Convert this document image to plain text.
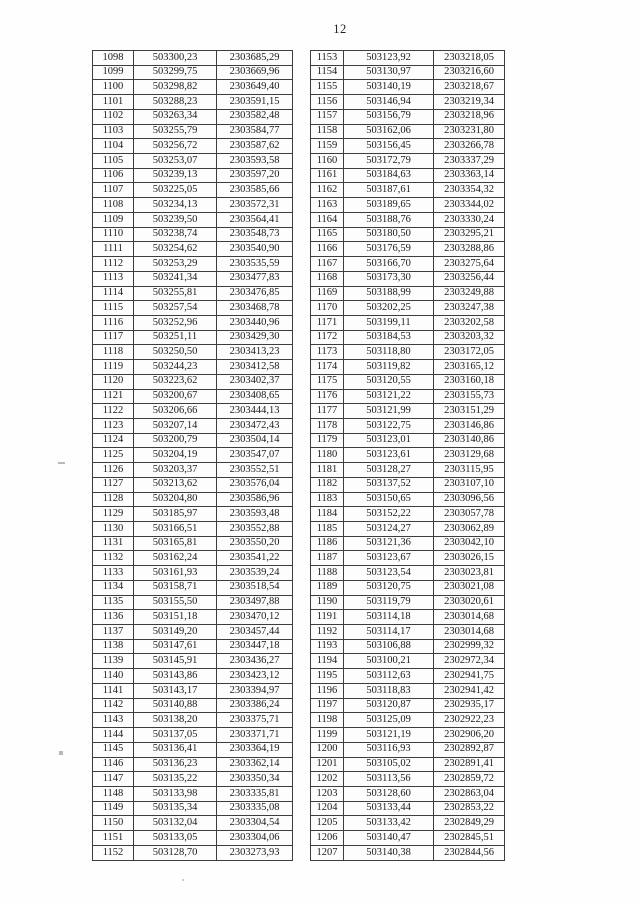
12
1098	503300,23	2303685,29
1099	503299,75	2303669,96
1100	503298,82	2303649,40
1101	503288,23	2303591,15
1102	503263,34	2303582,48
1103	503255,79	2303584,77
1104	503256,72	2303587,62
1105	503253,07	2303593,58
1106	503239,13	2303597,20
1107	503225,05	2303585,66
1108	503234,13	2303572,31
1109	503239,50	2303564,41
1110	503238,74	2303548,73
1111	503254,62	2303540,90
1112	503253,29	2303535,59
1113	503241,34	2303477,83
1114	503255,81	2303476,85
1115	503257,54	2303468,78
1116	503252,96	2303440,96
1117	503251,11	2303429,30
1118	503250,50	2303413,23
1119	503244,23	2303412,58
1120	503223,62	2303402,37
1121	503200,67	2303408,65
1122	503206,66	2303444,13
1123	503207,14	2303472,43
1124	503200,79	2303504,14
1125	503204,19	2303547,07
1126	503203,37	2303552,51
1127	503213,62	2303576,04
1128	503204,80	2303586,96
1129	503185,97	2303593,48
1130	503166,51	2303552,88
1131	503165,81	2303550,20
1132	503162,24	2303541,22
1133	503161,93	2303539,24
1134	503158,71	2303518,54
1135	503155,50	2303497,88
1136	503151,18	2303470,12
1137	503149,20	2303457,44
1138	503147,61	2303447,18
1139	503145,91	2303436,27
1140	503143,86	2303423,12
1141	503143,17	2303394,97
1142	503140,88	2303386,24
1143	503138,20	2303375,71
1144	503137,05	2303371,71
1145	503136,41	2303364,19
1146	503136,23	2303362,14
1147	503135,22	2303350,34
1148	503133,98	2303335,81
1149	503135,34	2303335,08
1150	503132,04	2303304,54
1151	503133,05	2303304,06
1152	503128,70	2303273,93
1153	503123,92	2303218,05
1154	503130,97	2303216,60
1155	503140,19	2303218,67
1156	503146,94	2303219,34
1157	503156,79	2303218,96
1158	503162,06	2303231,80
1159	503156,45	2303266,78
1160	503172,79	2303337,29
1161	503184,63	2303363,14
1162	503187,61	2303354,32
1163	503189,65	2303344,02
1164	503188,76	2303330,24
1165	503180,50	2303295,21
1166	503176,59	2303288,86
1167	503166,70	2303275,64
1168	503173,30	2303256,44
1169	503188,99	2303249,88
1170	503202,25	2303247,38
1171	503199,11	2303202,58
1172	503184,53	2303203,32
1173	503118,80	2303172,05
1174	503119,82	2303165,12
1175	503120,55	2303160,18
1176	503121,22	2303155,73
1177	503121,99	2303151,29
1178	503122,75	2303146,86
1179	503123,01	2303140,86
1180	503123,61	2303129,68
1181	503128,27	2303115,95
1182	503137,52	2303107,10
1183	503150,65	2303096,56
1184	503152,22	2303057,78
1185	503124,27	2303062,89
1186	503121,36	2303042,10
1187	503123,67	2303026,15
1188	503123,54	2303023,81
1189	503120,75	2303021,08
1190	503119,79	2303020,61
1191	503114,18	2303014,68
1192	503114,17	2303014,68
1193	503106,88	2302999,32
1194	503100,21	2302972,34
1195	503112,63	2302941,75
1196	503118,83	2302941,42
1197	503120,87	2302935,17
1198	503125,09	2302922,23
1199	503121,19	2302906,20
1200	503116,93	2302892,87
1201	503105,02	2302891,41
1202	503113,56	2302859,72
1203	503128,60	2302863,04
1204	503133,44	2302853,22
1205	503133,42	2302849,29
1206	503140,47	2302845,51
1207	503140,38	2302844,56
